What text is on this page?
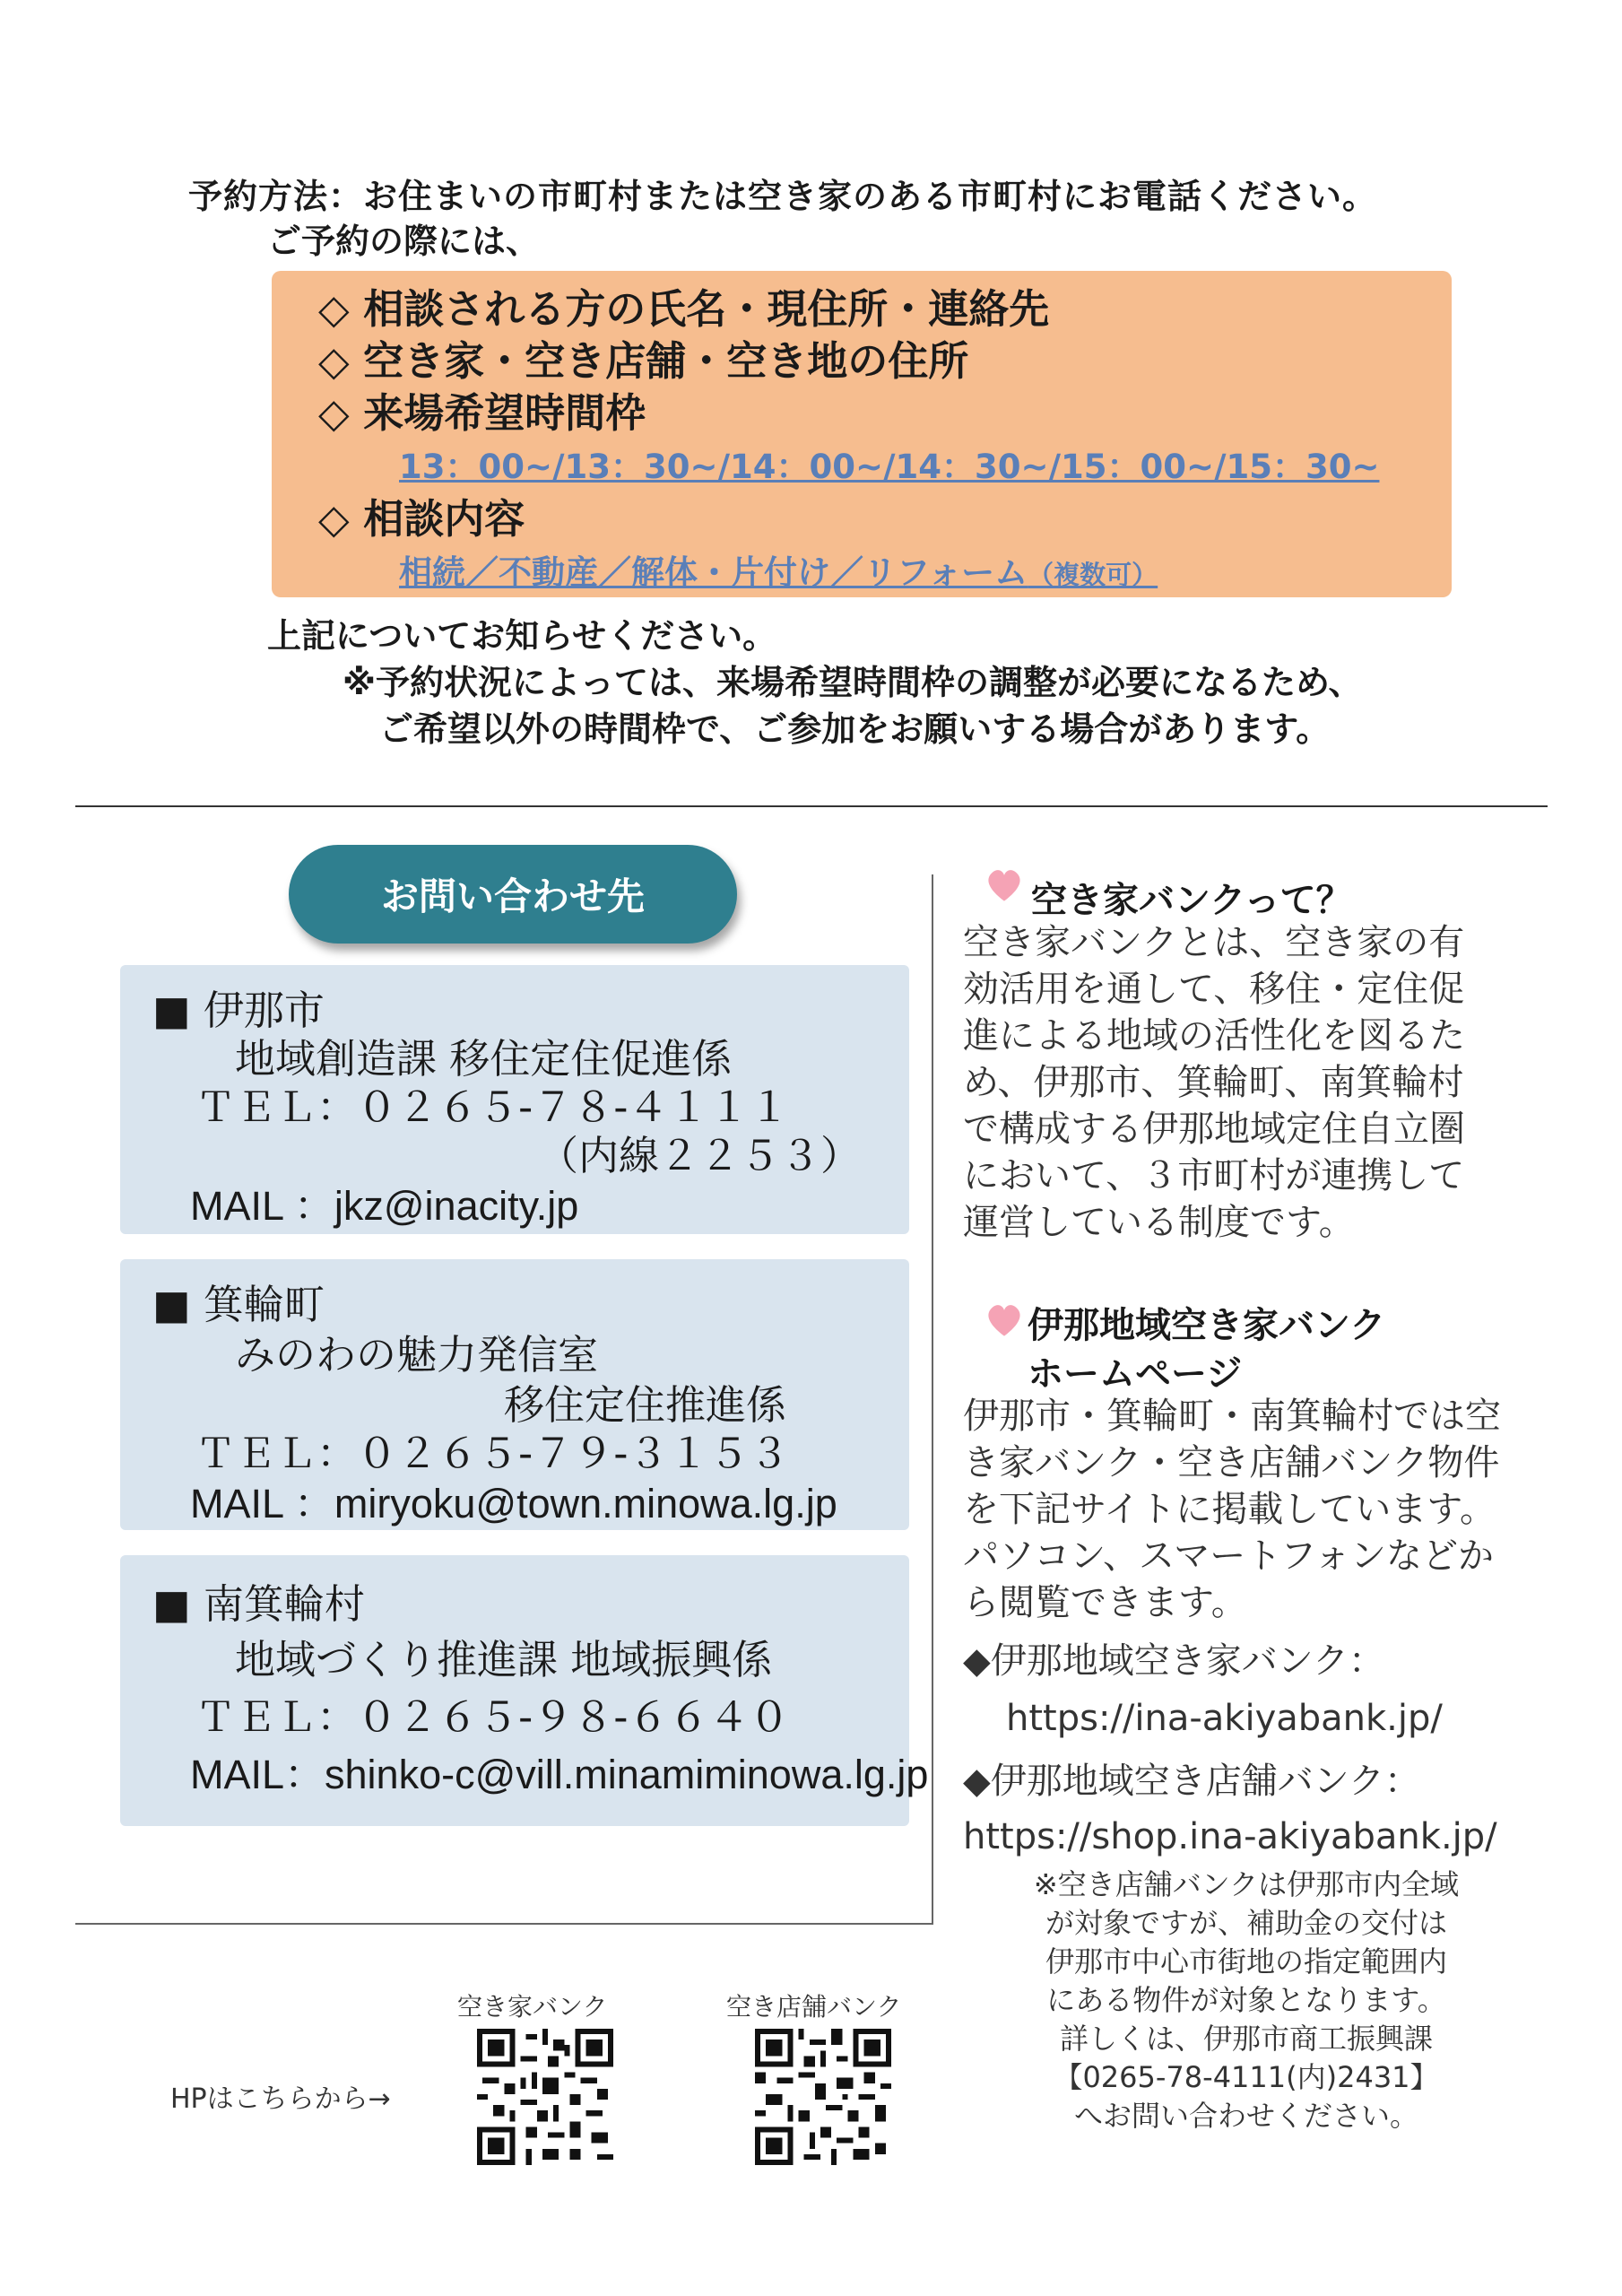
予約方法：お住まいの市町村または空き家のある市町村にお電話ください。
ご予約の際には、
◇ 相談される方の氏名・現住所・連絡先
◇ 空き家・空き店舗・空き地の住所
◇ 来場希望時間枠
13：00~/13：30~/14：00~/14：30~/15：00~/15：30~
◇ 相談内容
相続／不動産／解体・片付け／リフォーム（複数可）
上記についてお知らせください。
※予約状況によっては、来場希望時間枠の調整が必要になるため、
ご希望以外の時間枠で、ご参加をお願いする場合があります。
お問い合わせ先
■ 伊那市
地域創造課 移住定住促進係
ＴＥＬ：０２６５-７８-４１１１
（内線２２５３）
MAIL ：jkz@inacity.jp
■ 箕輪町
みのわの魅力発信室
移住定住推進係
ＴＥＬ：０２６５-７９-３１５３
MAIL ：miryoku@town.minowa.lg.jp
■ 南箕輪村
地域づくり推進課 地域振興係
ＴＥＬ：０２６５-９８-６６４０
MAIL：shinko-c@vill.minamiminowa.lg.jp
空き家バンクって？
空き家バンクとは、空き家の有
効活用を通して、移住・定住促
進による地域の活性化を図るた
め、伊那市、箕輪町、南箕輪村
で構成する伊那地域定住自立圏
において、３市町村が連携して
運営している制度です。
伊那地域空き家バンク
ホームページ
伊那市・箕輪町・南箕輪村では空
き家バンク・空き店舗バンク物件
を下記サイトに掲載しています。
パソコン、スマートフォンなどか
ら閲覧できます。
◆伊那地域空き家バンク：
https://ina-akiyabank.jp/
◆伊那地域空き店舗バンク：
https://shop.ina-akiyabank.jp/
※空き店舗バンクは伊那市内全域
が対象ですが、補助金の交付は
伊那市中心市街地の指定範囲内
にある物件が対象となります。
詳しくは、伊那市商工振興課
【0265-78-4111(内)2431】
へお問い合わせください。
空き家バンク	空き店舗バンク
HPはこちらから→
